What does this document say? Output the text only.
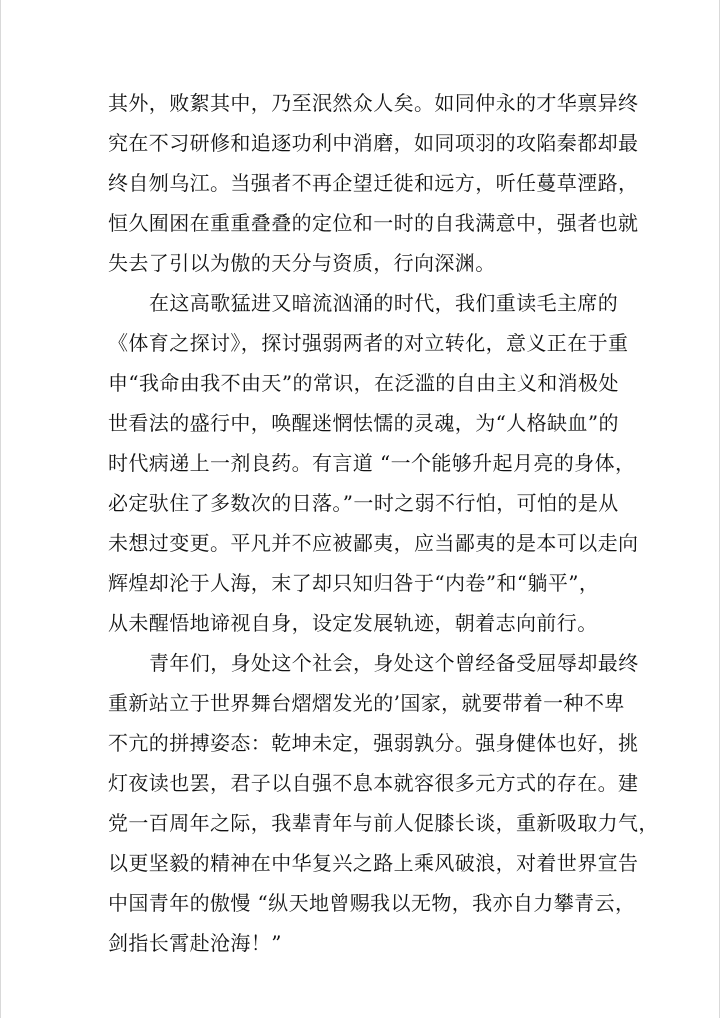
其外，败絮其中，乃至泯然众人矣。如同仲永的才华禀异终
究在不习研修和追逐功利中消磨，如同项羽的攻陷秦都却最
终自刎乌江。当强者不再企望迁徙和远方，听任蔓草湮路，
恒久囿困在重重叠叠的定位和一时的自我满意中，强者也就
失去了引以为傲的天分与资质，行向深渊。
在这高歌猛进又暗流汹涌的时代，我们重读毛主席的
《体育之探讨》，探讨强弱两者的对立转化，意义正在于重
申“我命由我不由天”的常识，在泛滥的自由主义和消极处
世看法的盛行中，唤醒迷惘怯懦的灵魂，为“人格缺血”的
时代病递上一剂良药。有言道 “一个能够升起月亮的身体，
必定驮住了多数次的日落。”一时之弱不行怕，可怕的是从
未想过变更。平凡并不应被鄙夷，应当鄙夷的是本可以走向
辉煌却沦于人海，末了却只知归咎于“内卷”和“躺平”，
从未醒悟地谛视自身，设定发展轨迹，朝着志向前行。
青年们，身处这个社会，身处这个曾经备受屈辱却最终
重新站立于世界舞台熠熠发光的’国家，就要带着一种不卑
不亢的拼搏姿态：乾坤未定，强弱孰分。强身健体也好，挑
灯夜读也罢，君子以自强不息本就容很多元方式的存在。建
党一百周年之际，我辈青年与前人促膝长谈，重新吸取力气，
以更坚毅的精神在中华复兴之路上乘风破浪，对着世界宣告
中国青年的傲慢 “纵天地曾赐我以无物，我亦自力攀青云，
剑指长霄赴沧海！”
